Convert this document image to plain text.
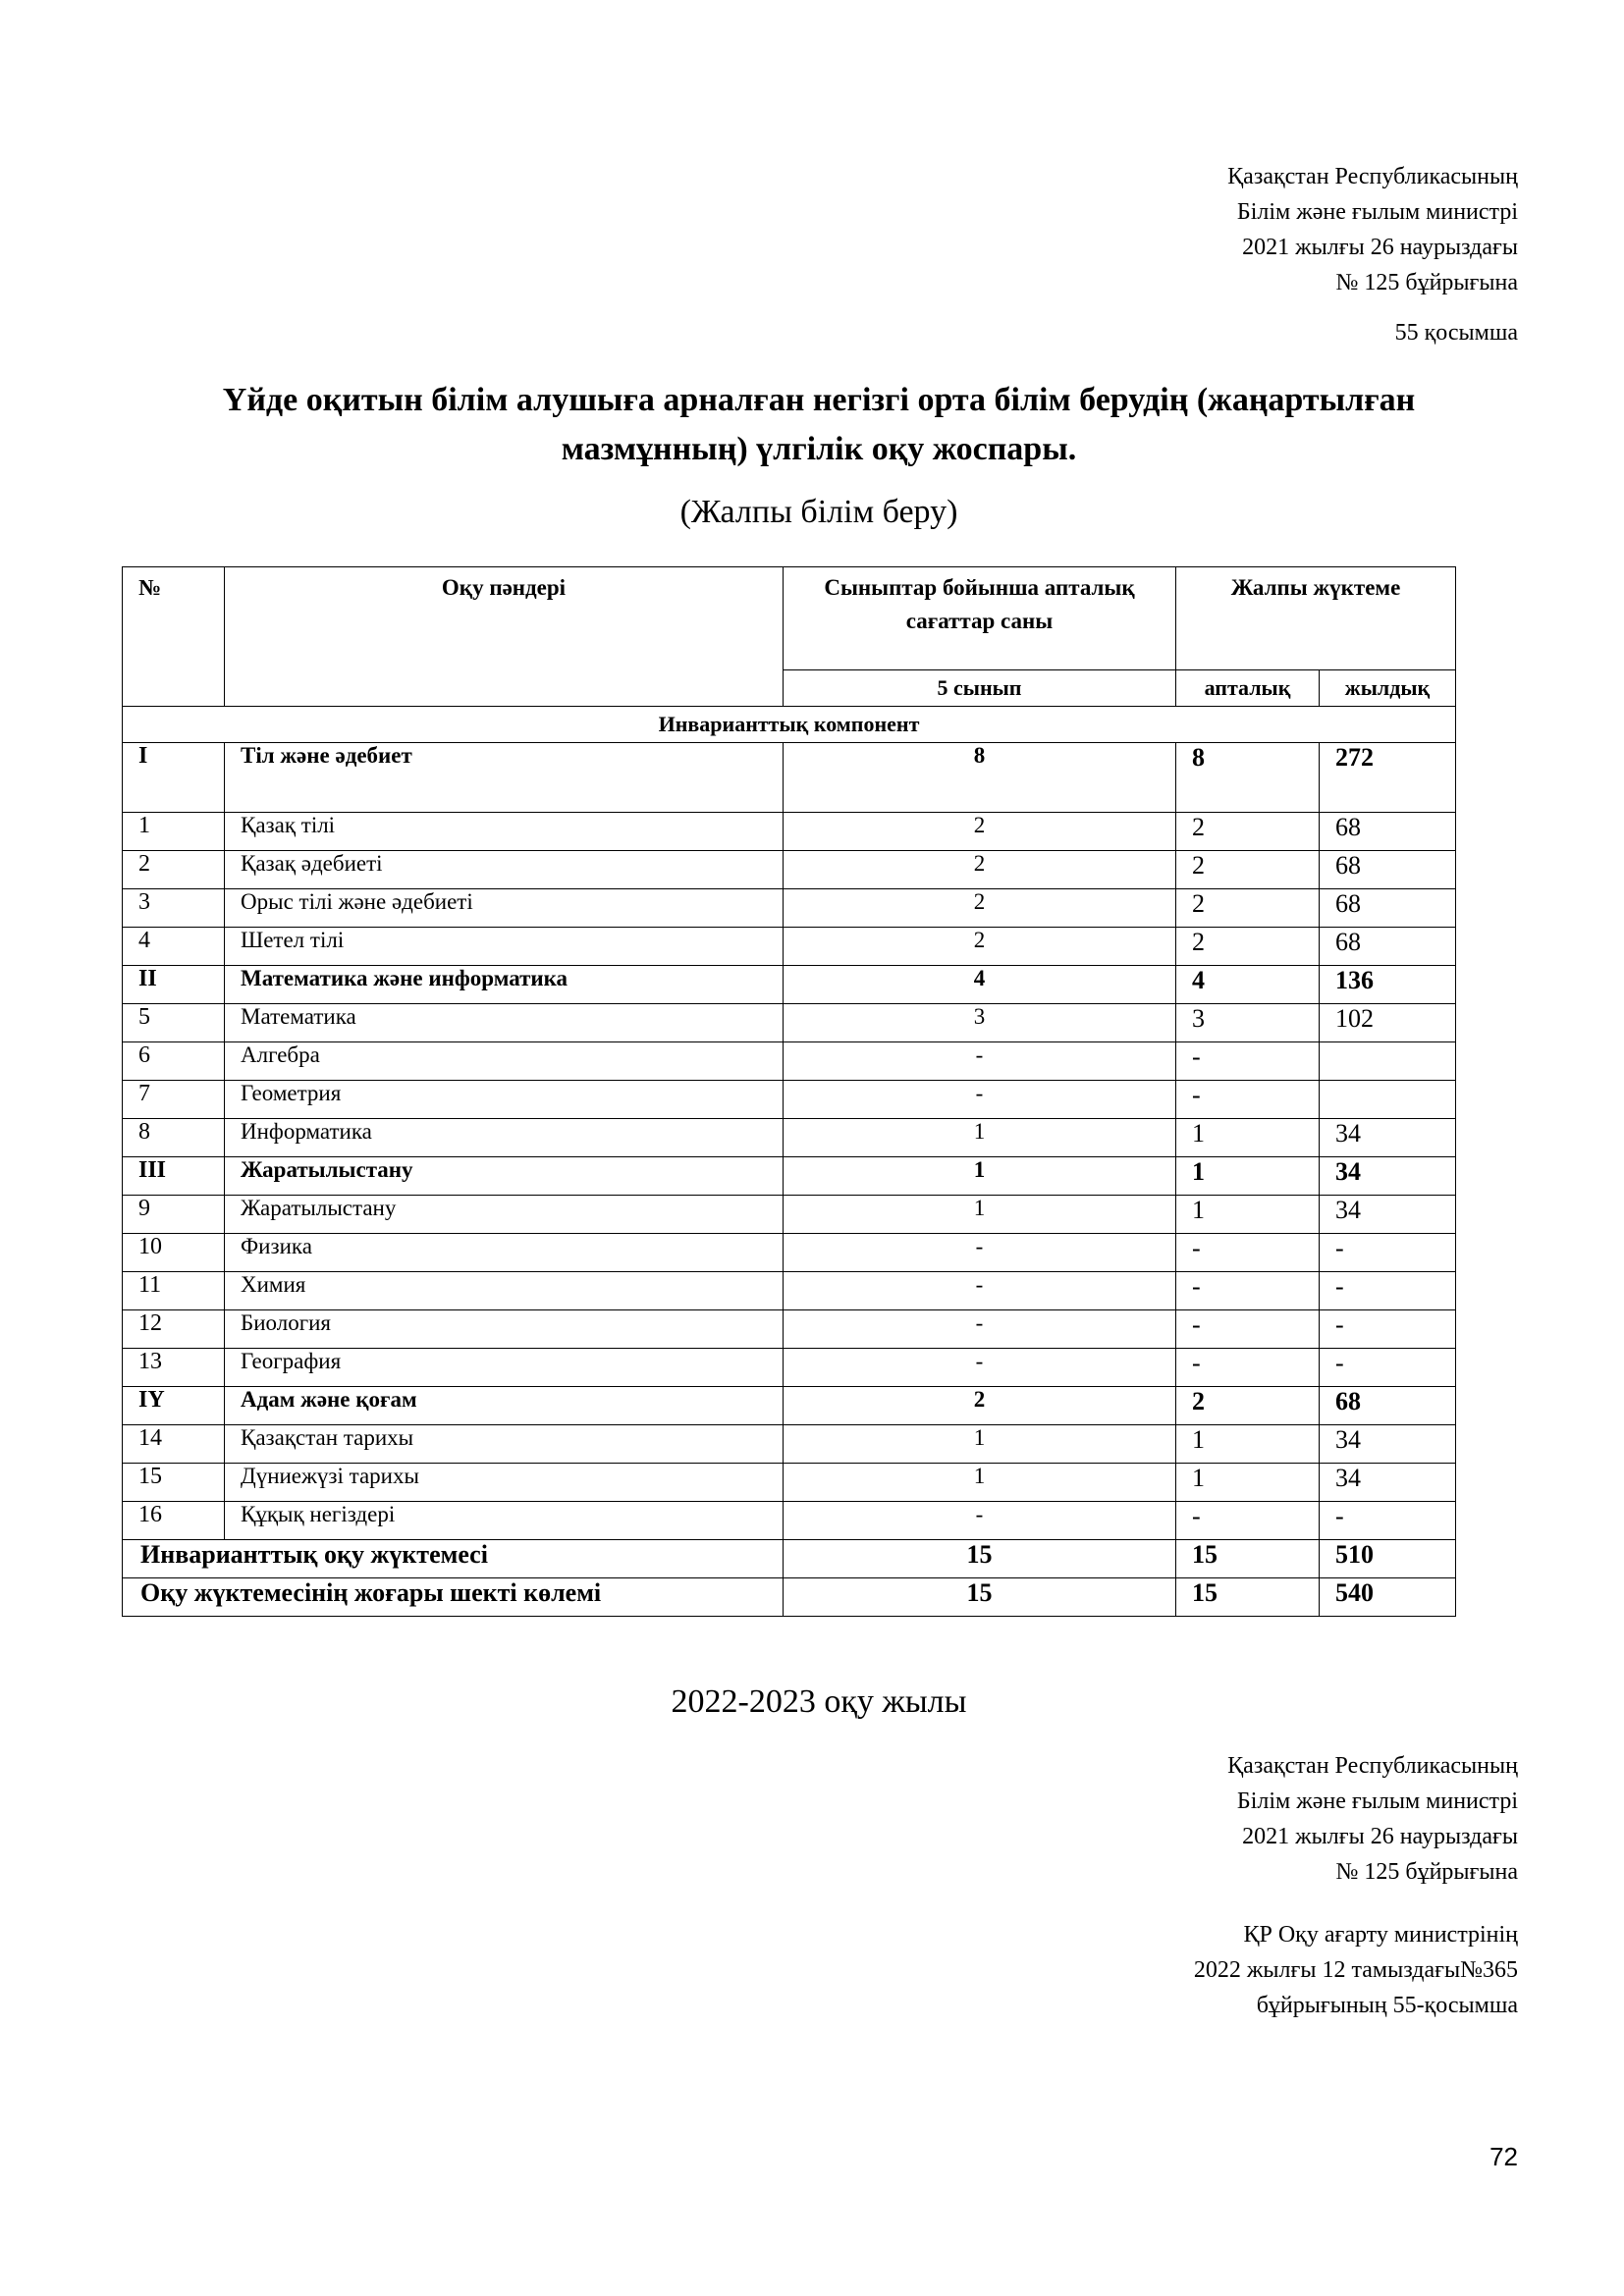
Қазақстан Республикасының
Білім және ғылым министрі
2021 жылғы 26 наурыздағы
№ 125 бұйрығына
55 қосымша
Үйде оқитын білім алушыға арналған негізгі орта білім берудің (жаңартылған
мазмұнның) үлгілік оқу жоспары.
(Жалпы білім беру)
№	Оқу пәндері	Сыныптар бойынша апталық сағаттар саны	Жалпы жүктеме	
		5 сынып	апталық	жылдық
Инварианттық компонент				
I	Тіл және әдебиет	8	8	272
1	Қазақ тілі	2	2	68
2	Қазақ әдебиеті	2	2	68
3	Орыс тілі және әдебиеті	2	2	68
4	Шетел тілі	2	2	68
II	Математика және информатика	4	4	136
5	Математика	3	3	102
6	Алгебра	-	-	
7	Геометрия	-	-	
8	Информатика	1	1	34
III	Жаратылыстану	1	1	34
9	Жаратылыстану	1	1	34
10	Физика	-	-	-
11	Химия	-	-	-
12	Биология	-	-	-
13	География	-	-	-
IY	Адам және қоғам	2	2	68
14	Қазақстан тарихы	1	1	34
15	Дүниежүзі тарихы	1	1	34
16	Құқық негіздері	-	-	-
Инварианттық оқу жүктемесі		15	15	510
Оқу жүктемесінің жоғары шекті көлемі		15	15	540
2022-2023 оқу жылы
Қазақстан Республикасының
Білім және ғылым министрі
2021 жылғы 26 наурыздағы
№ 125 бұйрығына
ҚР Оқу ағарту министрінің
2022 жылғы 12 тамыздағы№365
бұйрығының 55-қосымша
72
